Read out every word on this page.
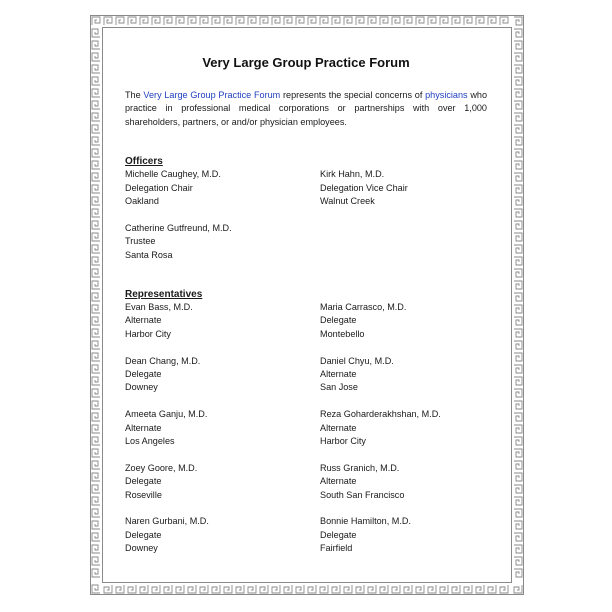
Very Large Group Practice Forum

The Very Large Group Practice Forum represents the special concerns of physicians who practice in professional medical corporations or partnerships with over 1,000 shareholders, partners, or and/or physician employees.

Officers
Michelle Caughey, M.D.
Delegation Chair
Oakland
Kirk Hahn, M.D.
Delegation Vice Chair
Walnut Creek
Catherine Gutfreund, M.D.
Trustee
Santa Rosa
Representatives
Evan Bass, M.D.
Alternate
Harbor City
Maria Carrasco, M.D.
Delegate
Montebello
Dean Chang, M.D.
Delegate
Downey
Daniel Chyu, M.D.
Alternate
San Jose
Ameeta Ganju, M.D.
Alternate
Los Angeles
Reza Goharderakhshan, M.D.
Alternate
Harbor City
Zoey Goore, M.D.
Delegate
Roseville
Russ Granich, M.D.
Alternate
South San Francisco
Naren Gurbani, M.D.
Delegate
Downey
Bonnie Hamilton, M.D.
Delegate
Fairfield
